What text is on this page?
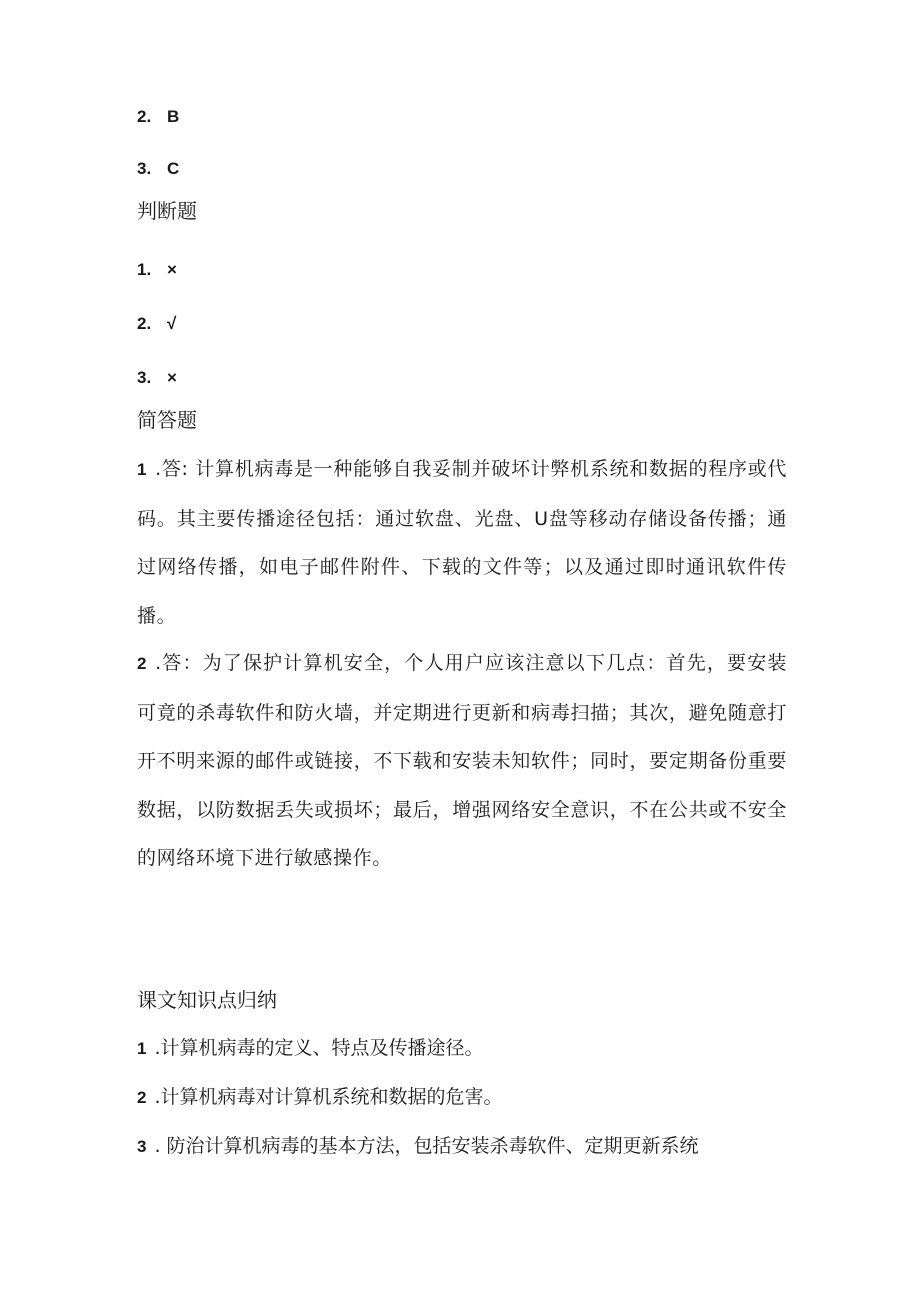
2. B
3. C
判断题
1. ×
2. √
3. ×
简答题
1 .答: 计算机病毒是一种能够自我妥制并破坏计弊机系统和数据的程序或代码。其主要传播途径包括：通过软盘、光盘、U盘等移动存储设备传播；通过网络传播，如电子邮件附件、下载的文件等；以及通过即时通讯软件传播。
2 .答：为了保护计算机安全，个人用户应该注意以下几点：首先，要安装可竟的杀毒软件和防火墙，并定期进行更新和病毒扫描；其次，避免随意打开不明来源的邮件或链接，不下载和安装未知软件；同时，要定期备份重要数据，以防数据丢失或损坏；最后，增强网络安全意识，不在公共或不安全的网络环境下进行敏感操作。
课文知识点归纳
1 .计算机病毒的定义、特点及传播途径。
2 .计算机病毒对计算机系统和数据的危害。
3 . 防治计算机病毒的基本方法，包括安装杀毒软件、定期更新系统
